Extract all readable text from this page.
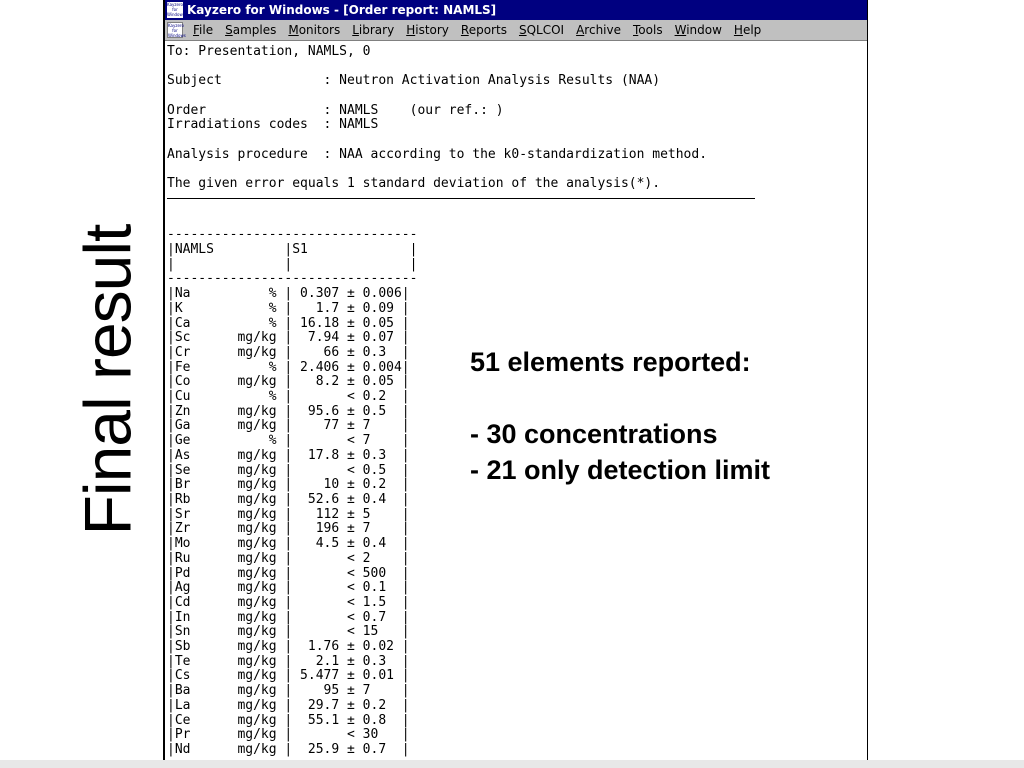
Final result
Kayzero for Windows Kayzero for Windows - [Order report: NAMLS]
Kayzero for Windows File	Samples	Monitors	Library	History	Reports	SQLCOI	Archive	Tools	Window	Help
To: Presentation, NAMLS, 0
Subject             : Neutron Activation Analysis Results (NAA)
Order               : NAMLS    (our ref.: )
Irradiations codes  : NAMLS
Analysis procedure  : NAA according to the k0-standardization method.
The given error equals 1 standard deviation of the analysis(*).
--------------------------------
|NAMLS         |S1             |
|              |               |
--------------------------------
|Na          % | 0.307 ± 0.006|
|K           % |   1.7 ± 0.09 |
|Ca          % | 16.18 ± 0.05 |
|Sc      mg/kg |  7.94 ± 0.07 |
|Cr      mg/kg |    66 ± 0.3  |
|Fe          % | 2.406 ± 0.004|
|Co      mg/kg |   8.2 ± 0.05 |
|Cu          % |       < 0.2  |
|Zn      mg/kg |  95.6 ± 0.5  |
|Ga      mg/kg |    77 ± 7    |
|Ge          % |       < 7    |
|As      mg/kg |  17.8 ± 0.3  |
|Se      mg/kg |       < 0.5  |
|Br      mg/kg |    10 ± 0.2  |
|Rb      mg/kg |  52.6 ± 0.4  |
|Sr      mg/kg |   112 ± 5    |
|Zr      mg/kg |   196 ± 7    |
|Mo      mg/kg |   4.5 ± 0.4  |
|Ru      mg/kg |       < 2    |
|Pd      mg/kg |       < 500  |
|Ag      mg/kg |       < 0.1  |
|Cd      mg/kg |       < 1.5  |
|In      mg/kg |       < 0.7  |
|Sn      mg/kg |       < 15   |
|Sb      mg/kg |  1.76 ± 0.02 |
|Te      mg/kg |   2.1 ± 0.3  |
|Cs      mg/kg | 5.477 ± 0.01 |
|Ba      mg/kg |    95 ± 7    |
|La      mg/kg |  29.7 ± 0.2  |
|Ce      mg/kg |  55.1 ± 0.8  |
|Pr      mg/kg |       < 30   |
|Nd      mg/kg |  25.9 ± 0.7  |
51 elements reported:
- 30 concentrations
- 21 only detection limit
